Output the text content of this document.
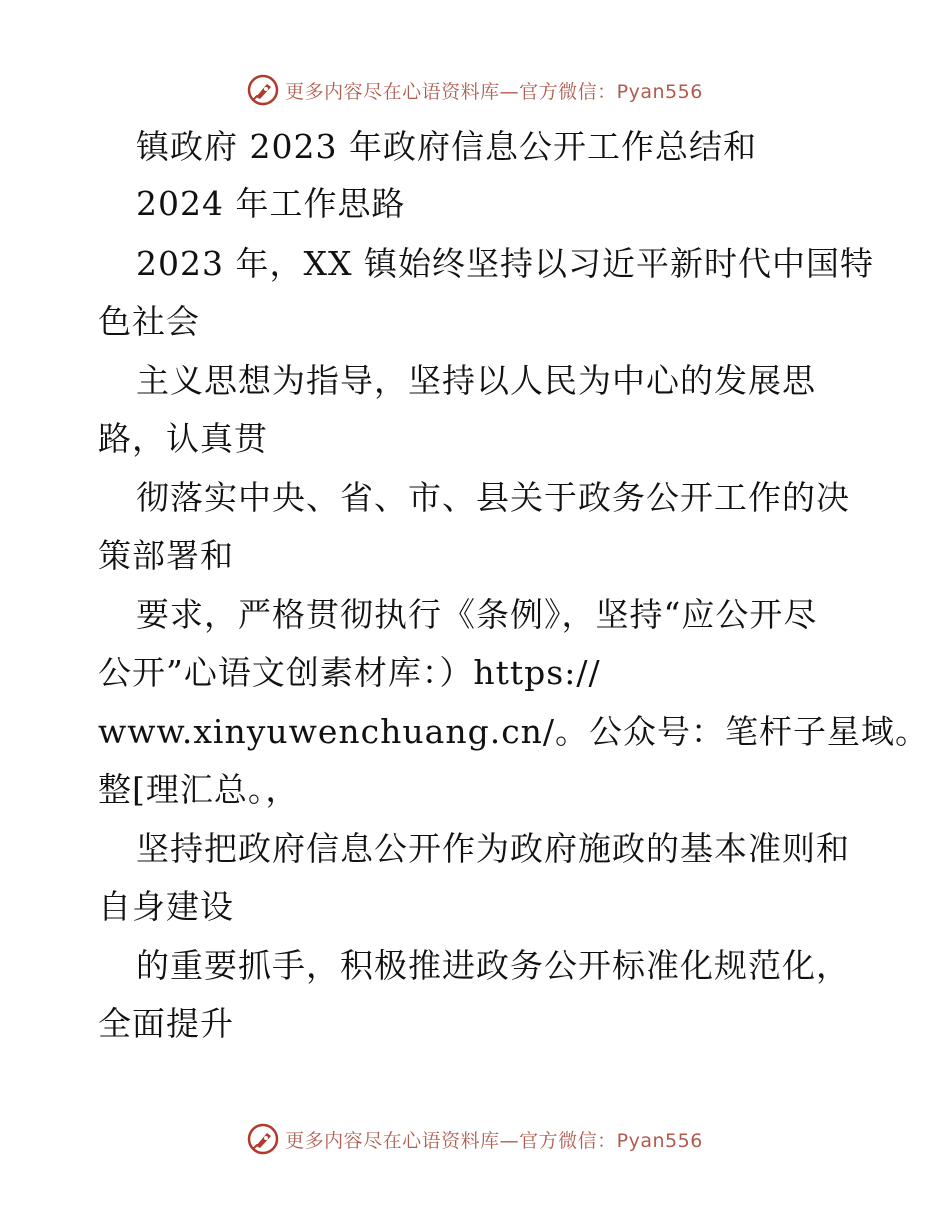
更多内容尽在心语资料库—官方微信：Pyan556
镇政府 2023 年政府信息公开工作总结和
2024 年工作思路
2023 年，XX 镇始终坚持以习近平新时代中国特
色社会
主义思想为指导，坚持以人民为中心的发展思
路，认真贯
彻落实中央、省、市、县关于政务公开工作的决
策部署和
要求，严格贯彻执行《条例》，坚持“应公开尽
公开”心语文创素材库：）https://
www.xinyuwenchuang.cn/。公众号：笔杆子星域。
整[理汇总。，
坚持把政府信息公开作为政府施政的基本准则和
自身建设
的重要抓手，积极推进政务公开标准化规范化，
全面提升
更多内容尽在心语资料库—官方微信：Pyan556
